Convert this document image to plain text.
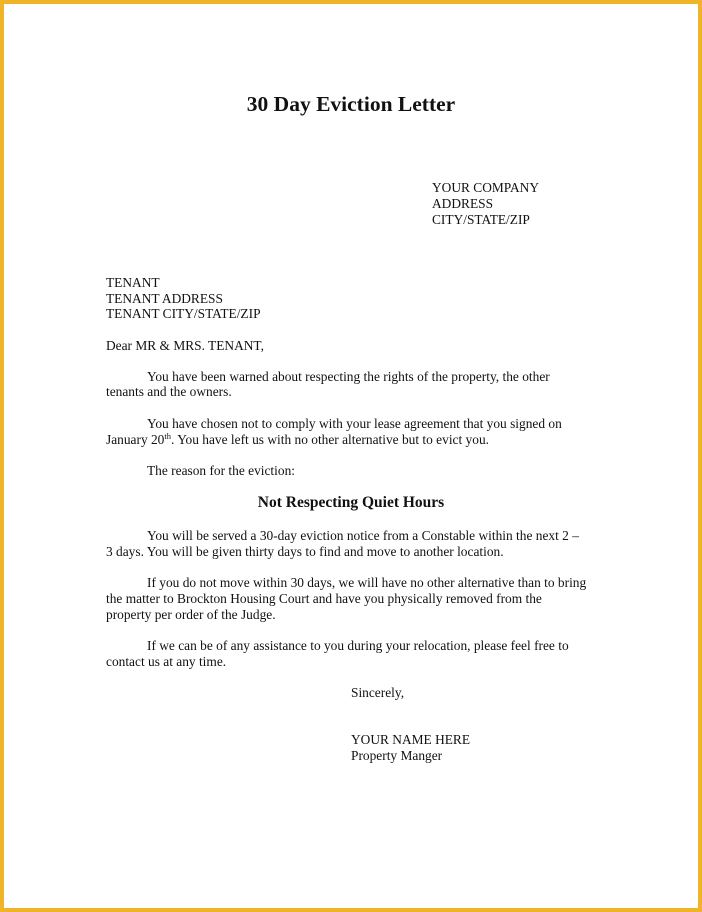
30 Day Eviction Letter
YOUR COMPANY
ADDRESS
CITY/STATE/ZIP
TENANT
TENANT ADDRESS
TENANT CITY/STATE/ZIP
Dear MR & MRS. TENANT,
You have been warned about respecting the rights of the property, the other
tenants and the owners.
You have chosen not to comply with your lease agreement that you signed on
January 20th. You have left us with no other alternative but to evict you.
The reason for the eviction:
Not Respecting Quiet Hours
You will be served a 30-day eviction notice from a Constable within the next 2 –
3 days. You will be given thirty days to find and move to another location.
If you do not move within 30 days, we will have no other alternative than to bring
the matter to Brockton Housing Court and have you physically removed from the
property per order of the Judge.
If we can be of any assistance to you during your relocation, please feel free to
contact us at any time.
Sincerely,
YOUR NAME HERE
Property Manger
